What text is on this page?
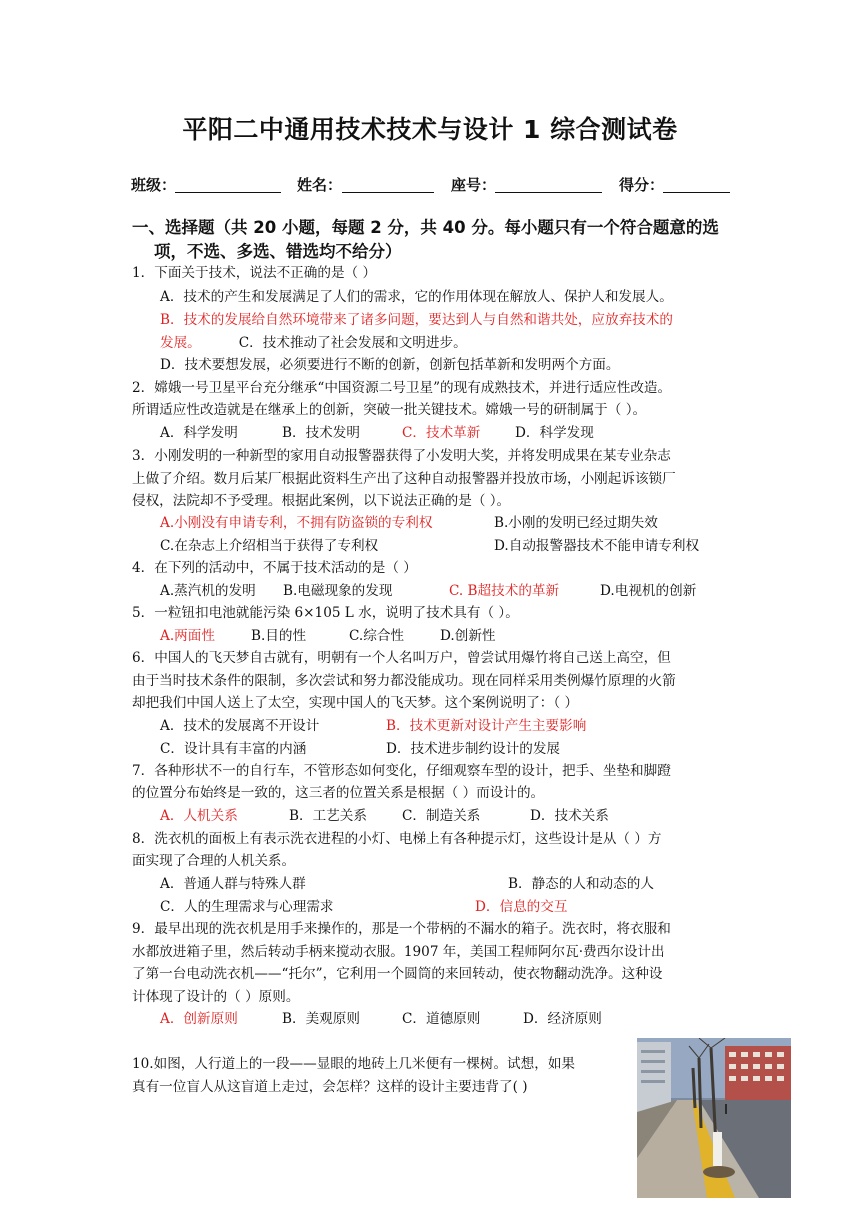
平阳二中通用技术技术与设计 1 综合测试卷
班级：	姓名：	座号：	得分：
一、选择题（共 20 小题，每题 2 分，共 40 分。每小题只有一个符合题意的选
项，不选、多选、错选均不给分）
1．下面关于技术，说法不正确的是（ ）
A．技术的产生和发展满足了人们的需求，它的作用体现在解放人、保护人和发展人。
B．技术的发展给自然环境带来了诸多问题，要达到人与自然和谐共处，应放弃技术的
发展。	C．技术推动了社会发展和文明进步。
D．技术要想发展，必须要进行不断的创新，创新包括革新和发明两个方面。
2．嫦娥一号卫星平台充分继承“中国资源二号卫星”的现有成熟技术，并进行适应性改造。
所谓适应性改造就是在继承上的创新，突破一批关键技术。嫦娥一号的研制属于（ ）。
A．科学发明	B．技术发明	C．技术革新	D．科学发现
3．小刚发明的一种新型的家用自动报警器获得了小发明大奖，并将发明成果在某专业杂志
上做了介绍。数月后某厂根据此资料生产出了这种自动报警器并投放市场，小刚起诉该锁厂
侵权，法院却不予受理。根据此案例，以下说法正确的是（ ）。
A.小刚没有申请专利，不拥有防盗锁的专利权	B.小刚的发明已经过期失效
C.在杂志上介绍相当于获得了专利权	D.自动报警器技术不能申请专利权
4．在下列的活动中，不属于技术活动的是（ ）
A.蒸汽机的发明 B.电磁现象的发现	C. B超技术的革新	D.电视机的创新
5．一粒钮扣电池就能污染 6×105 L 水，说明了技术具有（ ）。
A.两面性	B.目的性	C.综合性	D.创新性
6．中国人的飞天梦自古就有，明朝有一个人名叫万户，曾尝试用爆竹将自己送上高空，但
由于当时技术条件的限制，多次尝试和努力都没能成功。现在同样采用类例爆竹原理的火箭
却把我们中国人送上了太空，实现中国人的飞天梦。这个案例说明了：（ ）
A．技术的发展离不开设计	B．技术更新对设计产生主要影响
C．设计具有丰富的内涵	D．技术进步制约设计的发展
7．各种形状不一的自行车，不管形态如何变化，仔细观察车型的设计，把手、坐垫和脚蹬
的位置分布始终是一致的，这三者的位置关系是根据（ ）而设计的。
A．人机关系	B．工艺关系	C．制造关系	D．技术关系
8．洗衣机的面板上有表示洗衣进程的小灯、电梯上有各种提示灯，这些设计是从（ ）方
面实现了合理的人机关系。
A．普通人群与特殊人群	B．静态的人和动态的人
C．人的生理需求与心理需求	D．信息的交互
9．最早出现的洗衣机是用手来操作的，那是一个带柄的不漏水的箱子。洗衣时，将衣服和
水都放进箱子里，然后转动手柄来搅动衣服。1907 年，美国工程师阿尔瓦·费西尔设计出
了第一台电动洗衣机——“托尔”，它利用一个圆筒的来回转动，使衣物翻动洗净。这种设
计体现了设计的（ ）原则。
A．创新原则	B．美观原则	C．道德原则	D．经济原则
10.如图，人行道上的一段——显眼的地砖上几米便有一棵树。试想，如果
真有一位盲人从这盲道上走过，会怎样？这样的设计主要违背了( )
